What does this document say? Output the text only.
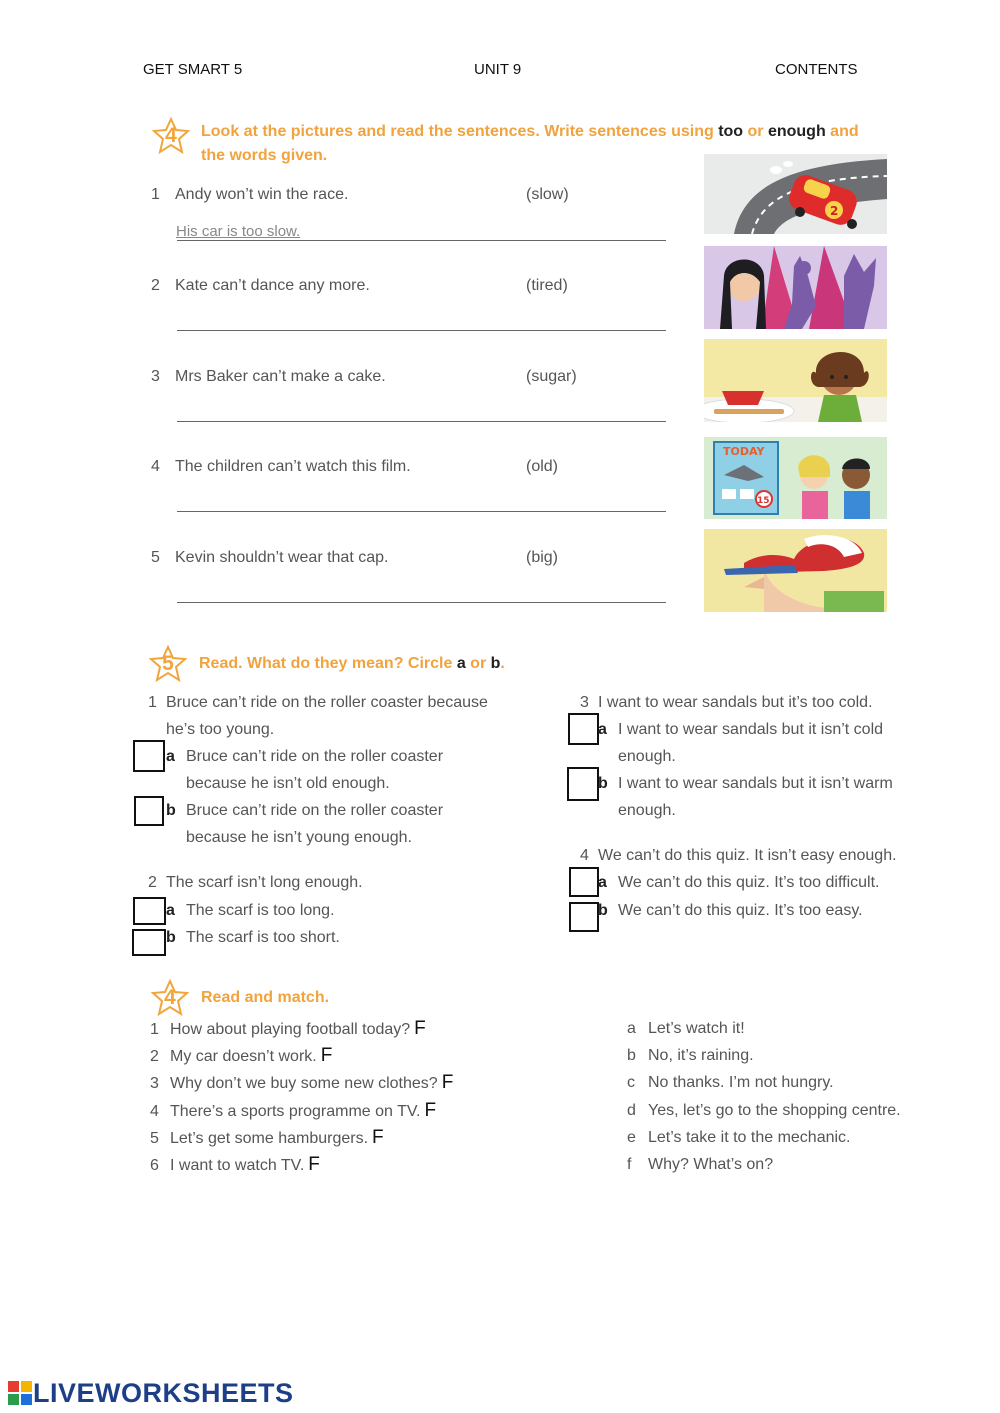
GET SMART 5	UNIT 9	CONTENTS
4	Look at the pictures and read the sentences. Write sentences using too or enough and
the words given.
1 Andy won’t win the race.	(slow)
His car is too slow.
2 Kate can’t dance any more.	(tired)
3 Mrs Baker can’t make a cake.	(sugar)
4 The children can’t watch this film.	(old)
5 Kevin shouldn’t wear that cap.	(big)
2
TODAY
15
5	Read. What do they mean? Circle a or b.
1 Bruce can’t ride on the roller coaster because
he’s too young.
a Bruce can’t ride on the roller coaster
because he isn’t old enough.
b Bruce can’t ride on the roller coaster
because he isn’t young enough.
2 The scarf isn’t long enough.
a The scarf is too long.
b The scarf is too short.
3 I want to wear sandals but it’s too cold.
a I want to wear sandals but it isn’t cold
enough.
b I want to wear sandals but it isn’t warm
enough.
4 We can’t do this quiz. It isn’t easy enough.
a We can’t do this quiz. It’s too difficult.
b We can’t do this quiz. It’s too easy.
4	Read and match.
1 How about playing football today? F
2 My car doesn’t work. F
3 Why don’t we buy some new clothes? F
4 There’s a sports programme on TV. F
5 Let’s get some hamburgers. F
6 I want to watch TV. F
a Let’s watch it!
b No, it’s raining.
c No thanks. I’m not hungry.
d Yes, let’s go to the shopping centre.
e Let’s take it to the mechanic.
f Why? What’s on?
LIVEWORKSHEETS
